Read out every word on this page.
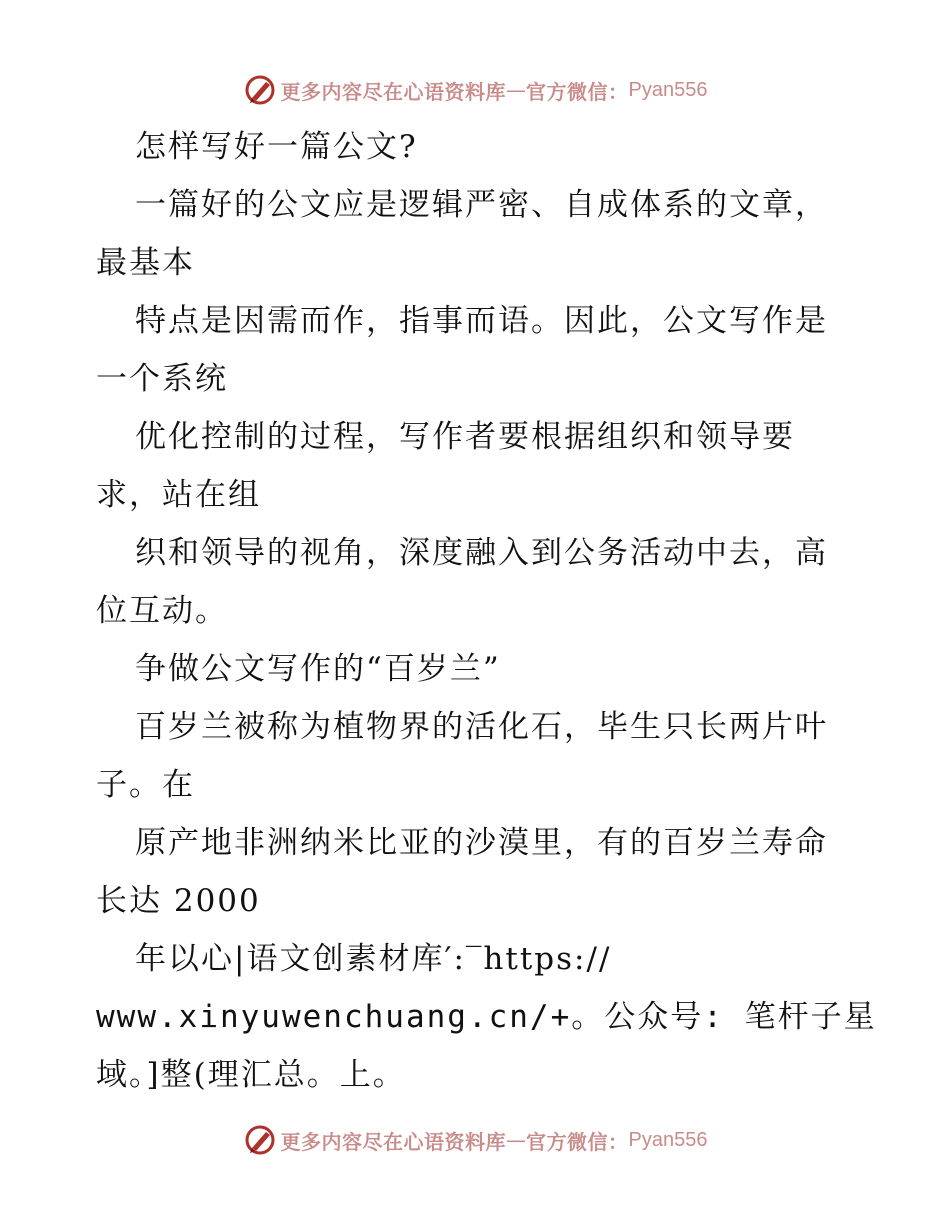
更多内容尽在心语资料库 — 官方微信： Pyan556
怎样写好一篇公文?
一篇好的公文应是逻辑严密、自成体系的文章，
最基本
特点是因需而作，指事而语。因此，公文写作是
一个系统
优化控制的过程，写作者要根据组织和领导要
求，站在组
织和领导的视角，深度融入到公务活动中去，高
位互动。
争做公文写作的“百岁兰”
百岁兰被称为植物界的活化石，毕生只长两片叶
子。在
原产地非洲纳米比亚的沙漠里，有的百岁兰寿命
长达 2000
年以心|语文创素材库′:‾https://
www.xinyuwenchuang.cn/+。公众号: 笔杆子星
域。]整(理汇总。上。
更多内容尽在心语资料库 — 官方微信： Pyan556
